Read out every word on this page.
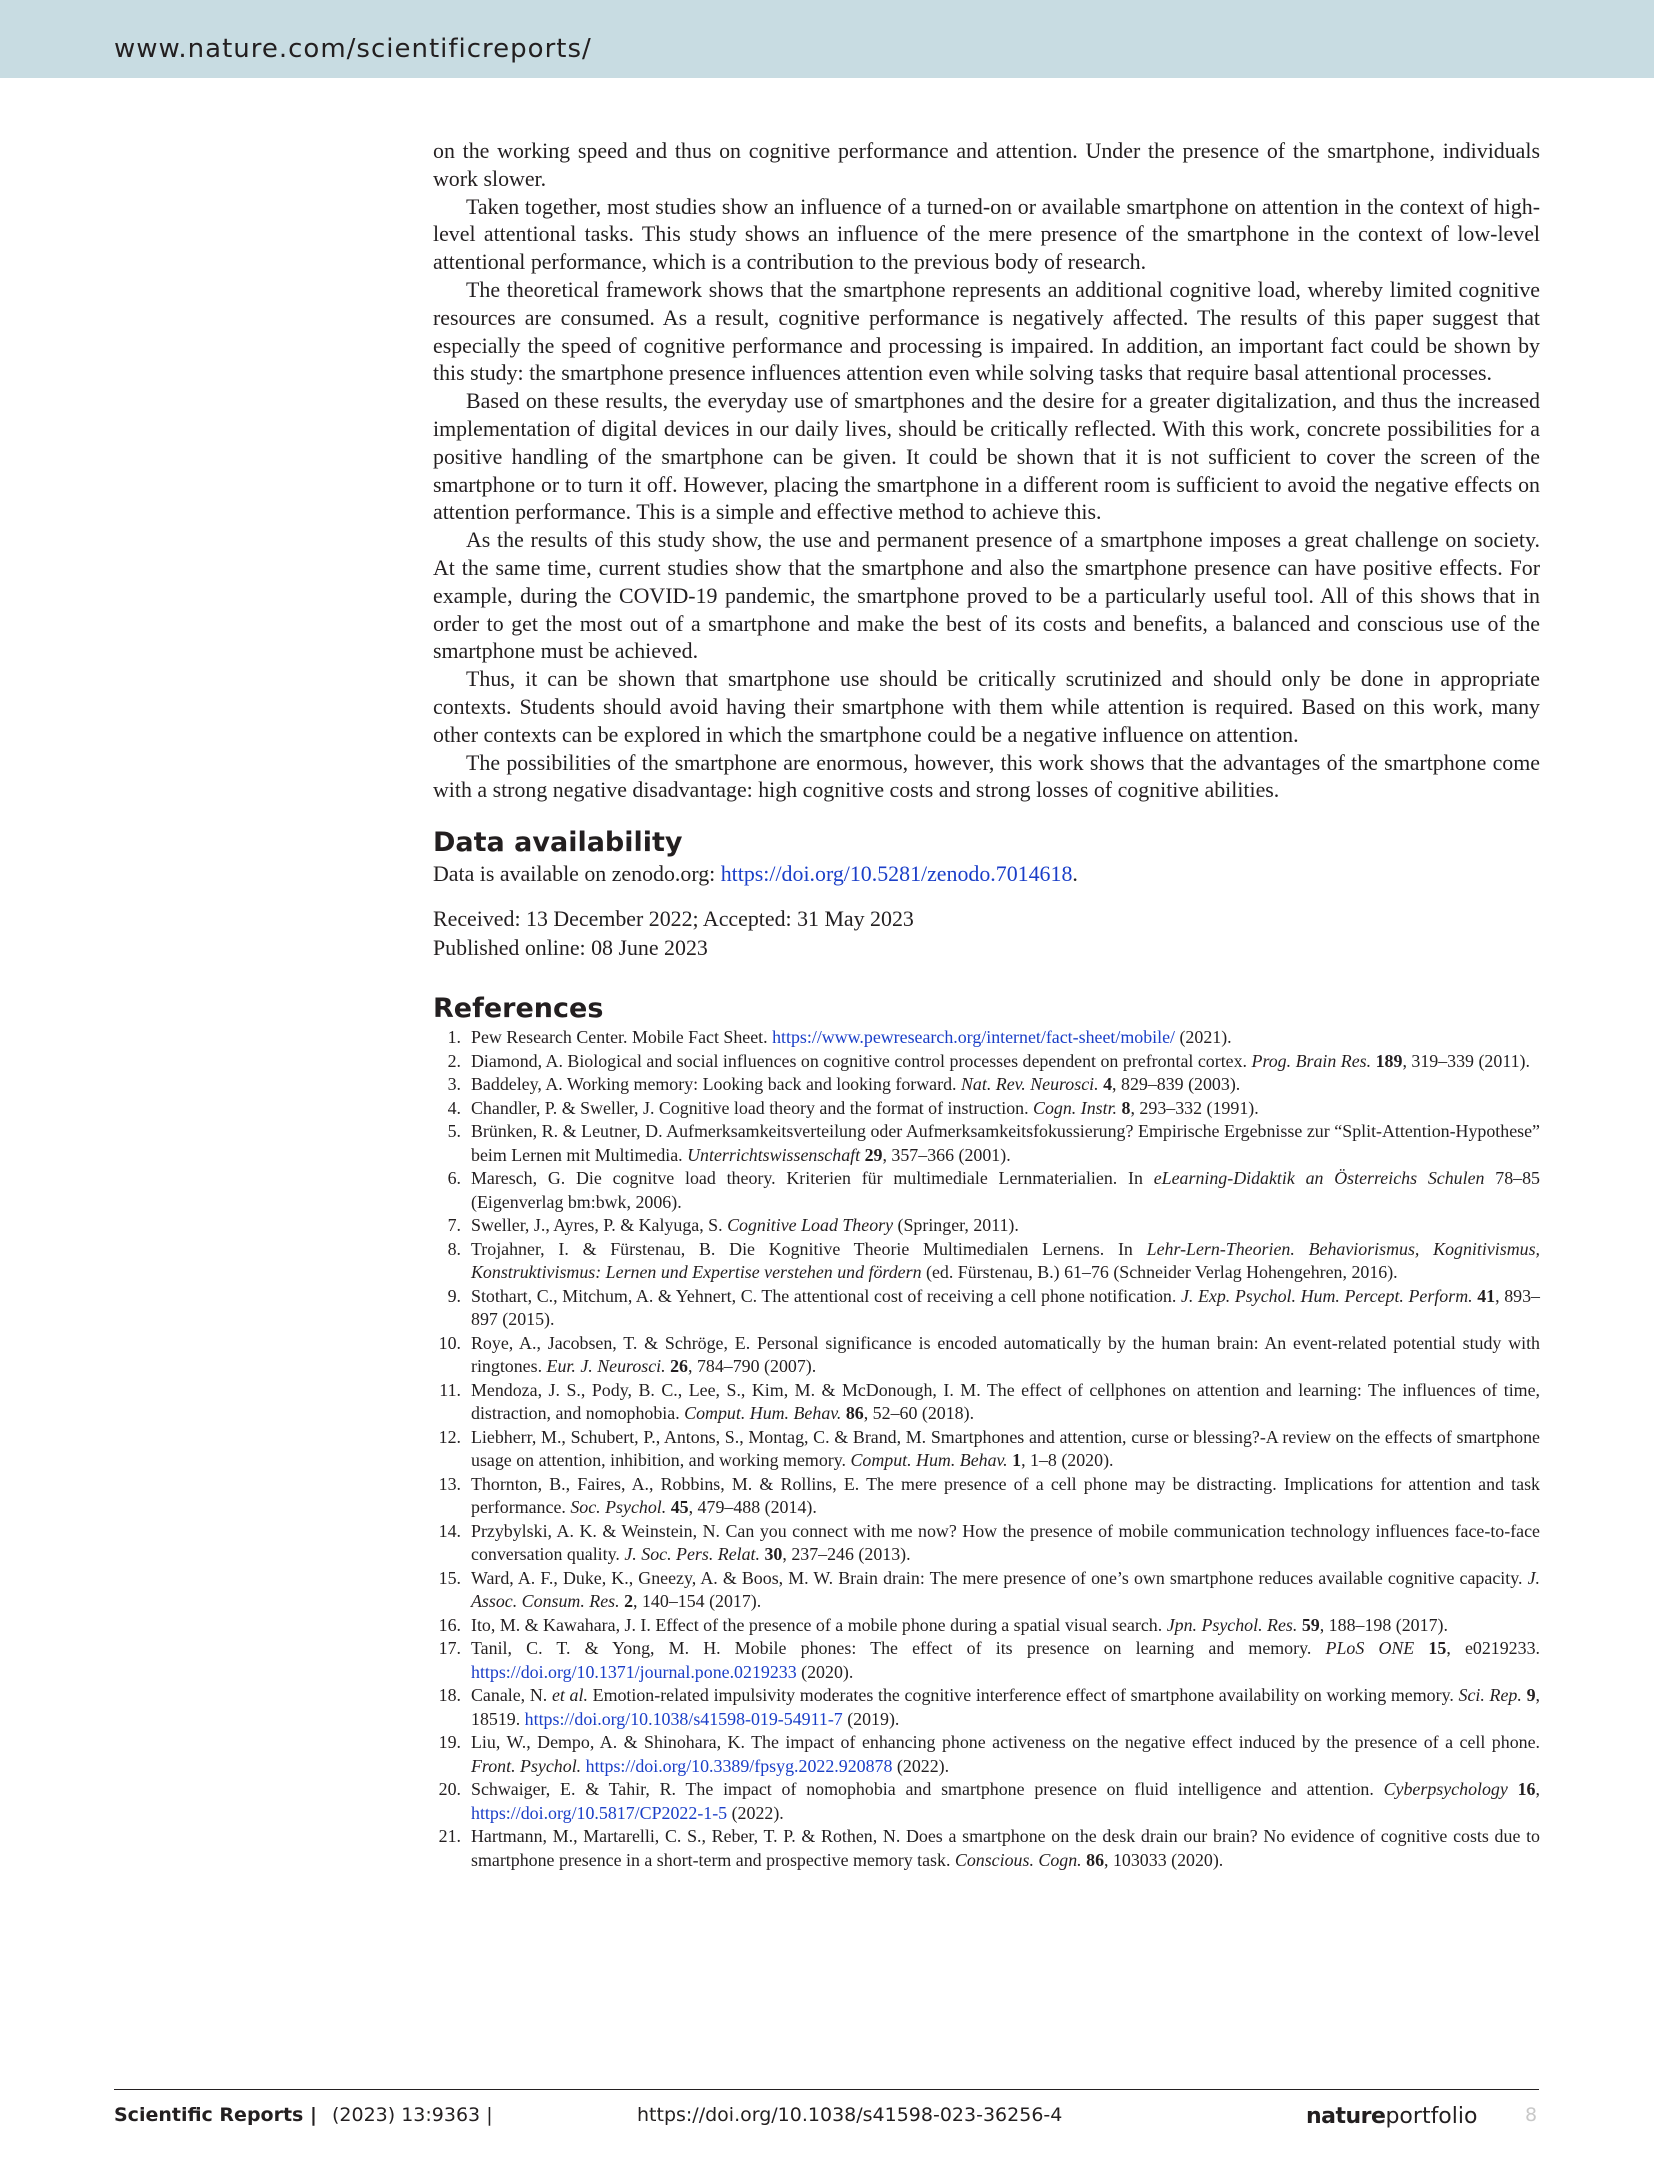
www.nature.com/scientificreports/

on the working speed and thus on cognitive performance and attention. Under the presence of the smartphone, individuals work slower.

Taken together, most studies show an influence of a turned-on or available smartphone on attention in the context of high-level attentional tasks. This study shows an influence of the mere presence of the smartphone in the context of low-level attentional performance, which is a contribution to the previous body of research.

The theoretical framework shows that the smartphone represents an additional cognitive load, whereby limited cognitive resources are consumed. As a result, cognitive performance is negatively affected. The results of this paper suggest that especially the speed of cognitive performance and processing is impaired. In addition, an important fact could be shown by this study: the smartphone presence influences attention even while solving tasks that require basal attentional processes.

Based on these results, the everyday use of smartphones and the desire for a greater digitalization, and thus the increased implementation of digital devices in our daily lives, should be critically reflected. With this work, concrete possibilities for a positive handling of the smartphone can be given. It could be shown that it is not sufficient to cover the screen of the smartphone or to turn it off. However, placing the smartphone in a different room is sufficient to avoid the negative effects on attention performance. This is a simple and effective method to achieve this.

As the results of this study show, the use and permanent presence of a smartphone imposes a great challenge on society. At the same time, current studies show that the smartphone and also the smartphone presence can have positive effects. For example, during the COVID-19 pandemic, the smartphone proved to be a particularly useful tool. All of this shows that in order to get the most out of a smartphone and make the best of its costs and benefits, a balanced and conscious use of the smartphone must be achieved.

Thus, it can be shown that smartphone use should be critically scrutinized and should only be done in appropriate contexts. Students should avoid having their smartphone with them while attention is required. Based on this work, many other contexts can be explored in which the smartphone could be a negative influence on attention.

The possibilities of the smartphone are enormous, however, this work shows that the advantages of the smartphone come with a strong negative disadvantage: high cognitive costs and strong losses of cognitive abilities.

Data availability
Data is available on zenodo.org: https://doi.org/10.5281/zenodo.7014618.
Received: 13 December 2022; Accepted: 31 May 2023
Published online: 08 June 2023
References
1. Pew Research Center. Mobile Fact Sheet. https://www.pewresearch.org/internet/fact-sheet/mobile/ (2021).
2. Diamond, A. Biological and social influences on cognitive control processes dependent on prefrontal cortex. Prog. Brain Res. 189, 319–339 (2011).
3. Baddeley, A. Working memory: Looking back and looking forward. Nat. Rev. Neurosci. 4, 829–839 (2003).
4. Chandler, P. & Sweller, J. Cognitive load theory and the format of instruction. Cogn. Instr. 8, 293–332 (1991).
5. Brünken, R. & Leutner, D. Aufmerksamkeitsverteilung oder Aufmerksamkeitsfokussierung? Empirische Ergebnisse zur “Split-Attention-Hypothese” beim Lernen mit Multimedia. Unterrichtswissenschaft 29, 357–366 (2001).
6. Maresch, G. Die cognitve load theory. Kriterien für multimediale Lernmaterialien. In eLearning-Didaktik an Österreichs Schulen 78–85 (Eigenverlag bm:bwk, 2006).
7. Sweller, J., Ayres, P. & Kalyuga, S. Cognitive Load Theory (Springer, 2011).
8. Trojahner, I. & Fürstenau, B. Die Kognitive Theorie Multimedialen Lernens. In Lehr-Lern-Theorien. Behaviorismus, Kognitivismus, Konstruktivismus: Lernen und Expertise verstehen und fördern (ed. Fürstenau, B.) 61–76 (Schneider Verlag Hohengehren, 2016).
9. Stothart, C., Mitchum, A. & Yehnert, C. The attentional cost of receiving a cell phone notification. J. Exp. Psychol. Hum. Percept. Perform. 41, 893–897 (2015).
10. Roye, A., Jacobsen, T. & Schröge, E. Personal significance is encoded automatically by the human brain: An event-related potential study with ringtones. Eur. J. Neurosci. 26, 784–790 (2007).
11. Mendoza, J. S., Pody, B. C., Lee, S., Kim, M. & McDonough, I. M. The effect of cellphones on attention and learning: The influences of time, distraction, and nomophobia. Comput. Hum. Behav. 86, 52–60 (2018).
12. Liebherr, M., Schubert, P., Antons, S., Montag, C. & Brand, M. Smartphones and attention, curse or blessing?-A review on the effects of smartphone usage on attention, inhibition, and working memory. Comput. Hum. Behav. 1, 1–8 (2020).
13. Thornton, B., Faires, A., Robbins, M. & Rollins, E. The mere presence of a cell phone may be distracting. Implications for attention and task performance. Soc. Psychol. 45, 479–488 (2014).
14. Przybylski, A. K. & Weinstein, N. Can you connect with me now? How the presence of mobile communication technology influences face-to-face conversation quality. J. Soc. Pers. Relat. 30, 237–246 (2013).
15. Ward, A. F., Duke, K., Gneezy, A. & Boos, M. W. Brain drain: The mere presence of one’s own smartphone reduces available cognitive capacity. J. Assoc. Consum. Res. 2, 140–154 (2017).
16. Ito, M. & Kawahara, J. I. Effect of the presence of a mobile phone during a spatial visual search. Jpn. Psychol. Res. 59, 188–198 (2017).
17. Tanil, C. T. & Yong, M. H. Mobile phones: The effect of its presence on learning and memory. PLoS ONE 15, e0219233. https://doi.org/10.1371/journal.pone.0219233 (2020).
18. Canale, N. et al. Emotion-related impulsivity moderates the cognitive interference effect of smartphone availability on working memory. Sci. Rep. 9, 18519. https://doi.org/10.1038/s41598-019-54911-7 (2019).
19. Liu, W., Dempo, A. & Shinohara, K. The impact of enhancing phone activeness on the negative effect induced by the presence of a cell phone. Front. Psychol. https://doi.org/10.3389/fpsyg.2022.920878 (2022).
20. Schwaiger, E. & Tahir, R. The impact of nomophobia and smartphone presence on fluid intelligence and attention. Cyberpsychology 16, https://doi.org/10.5817/CP2022-1-5 (2022).
21. Hartmann, M., Martarelli, C. S., Reber, T. P. & Rothen, N. Does a smartphone on the desk drain our brain? No evidence of cognitive costs due to smartphone presence in a short-term and prospective memory task. Conscious. Cogn. 86, 103033 (2020).
Scientific Reports | (2023) 13:9363 |	https://doi.org/10.1038/s41598-023-36256-4	natureportfolio	8
